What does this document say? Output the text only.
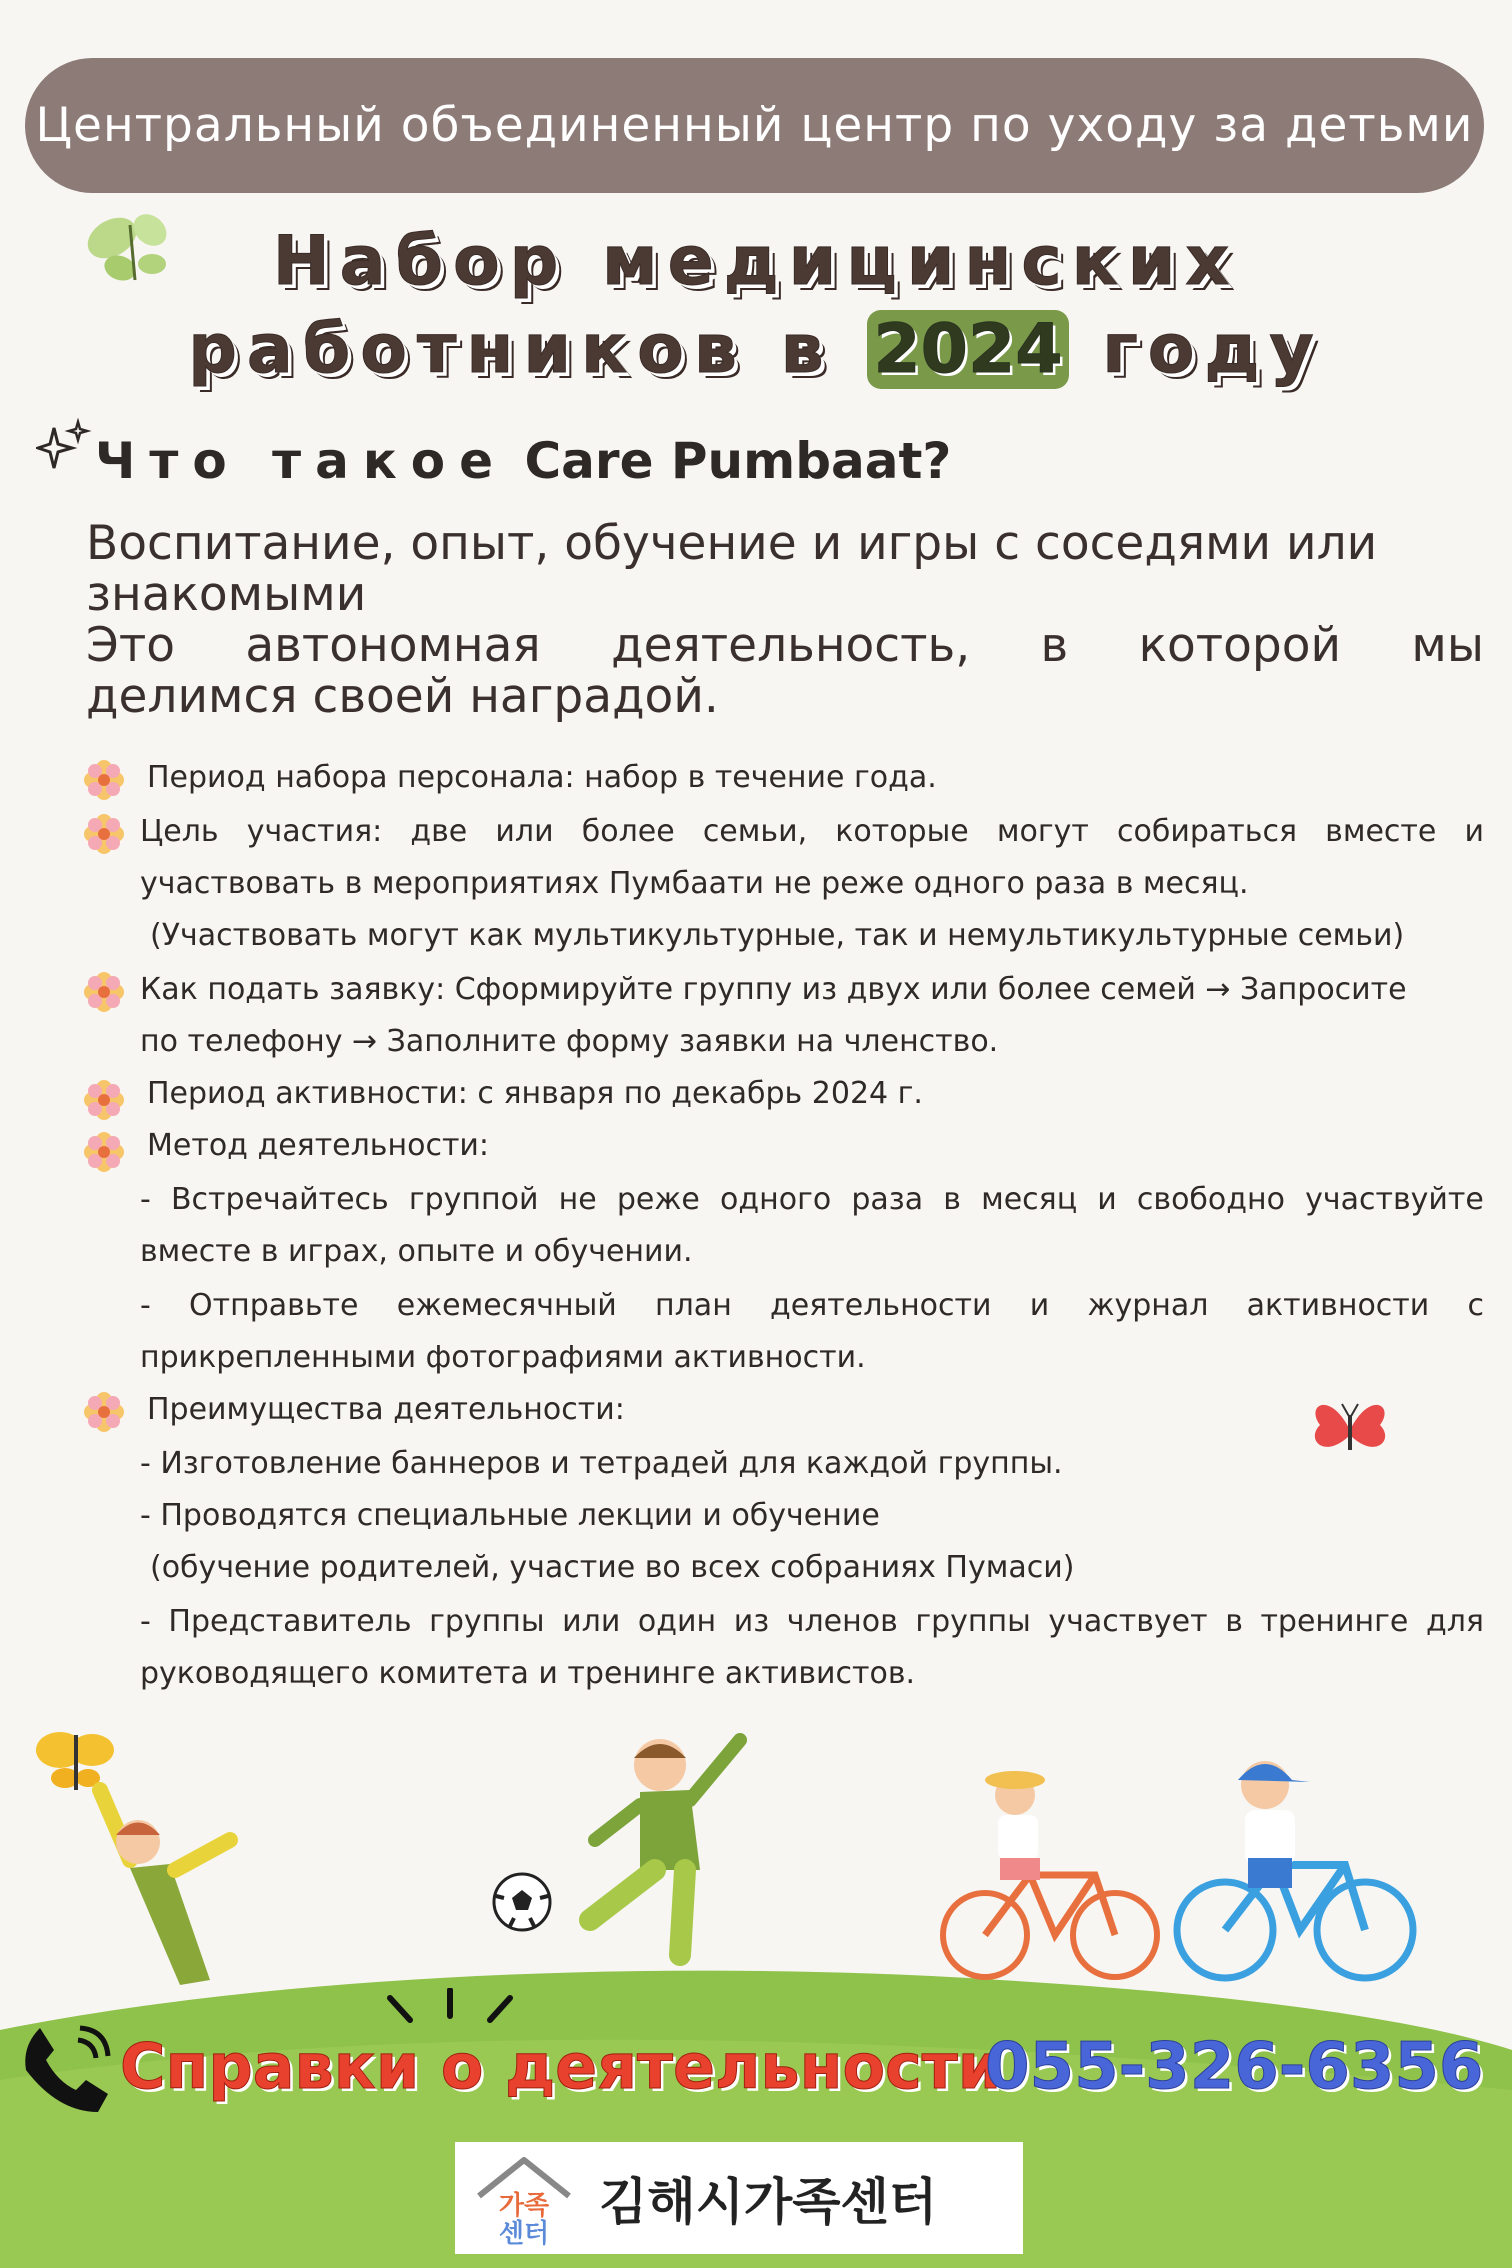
Центральный объединенный центр по уходу за детьми
Набор медицинских
работников в 2024 году
Что такое Care Pumbaat?
Воспитание, опыт, обучение и игры с соседями или
знакомыми
Это автономная деятельность, в которой мы
делимся своей наградой.
Период набора персонала: набор в течение года.
Цель участия: две или более семьи, которые могут собираться вместе и
участвовать в мероприятиях Пумбаати не реже одного раза в месяц.
(Участвовать могут как мультикультурные, так и немультикультурные семьи)
Как подать заявку: Сформируйте группу из двух или более семей → Запросите
по телефону → Заполните форму заявки на членство.
Период активности: с января по декабрь 2024 г.
Метод деятельности:
- Встречайтесь группой не реже одного раза в месяц и свободно участвуйте
вместе в играх, опыте и обучении.
- Отправьте ежемесячный план деятельности и журнал активности с
прикрепленными фотографиями активности.
Преимущества деятельности:
- Изготовление баннеров и тетрадей для каждой группы.
- Проводятся специальные лекции и обучение
(обучение родителей, участие во всех собраниях Пумаси)
- Представитель группы или один из членов группы участвует в тренинге для
руководящего комитета и тренинге активистов.
Справки о деятельности
055-326-6356
가족
센터
김해시가족센터
